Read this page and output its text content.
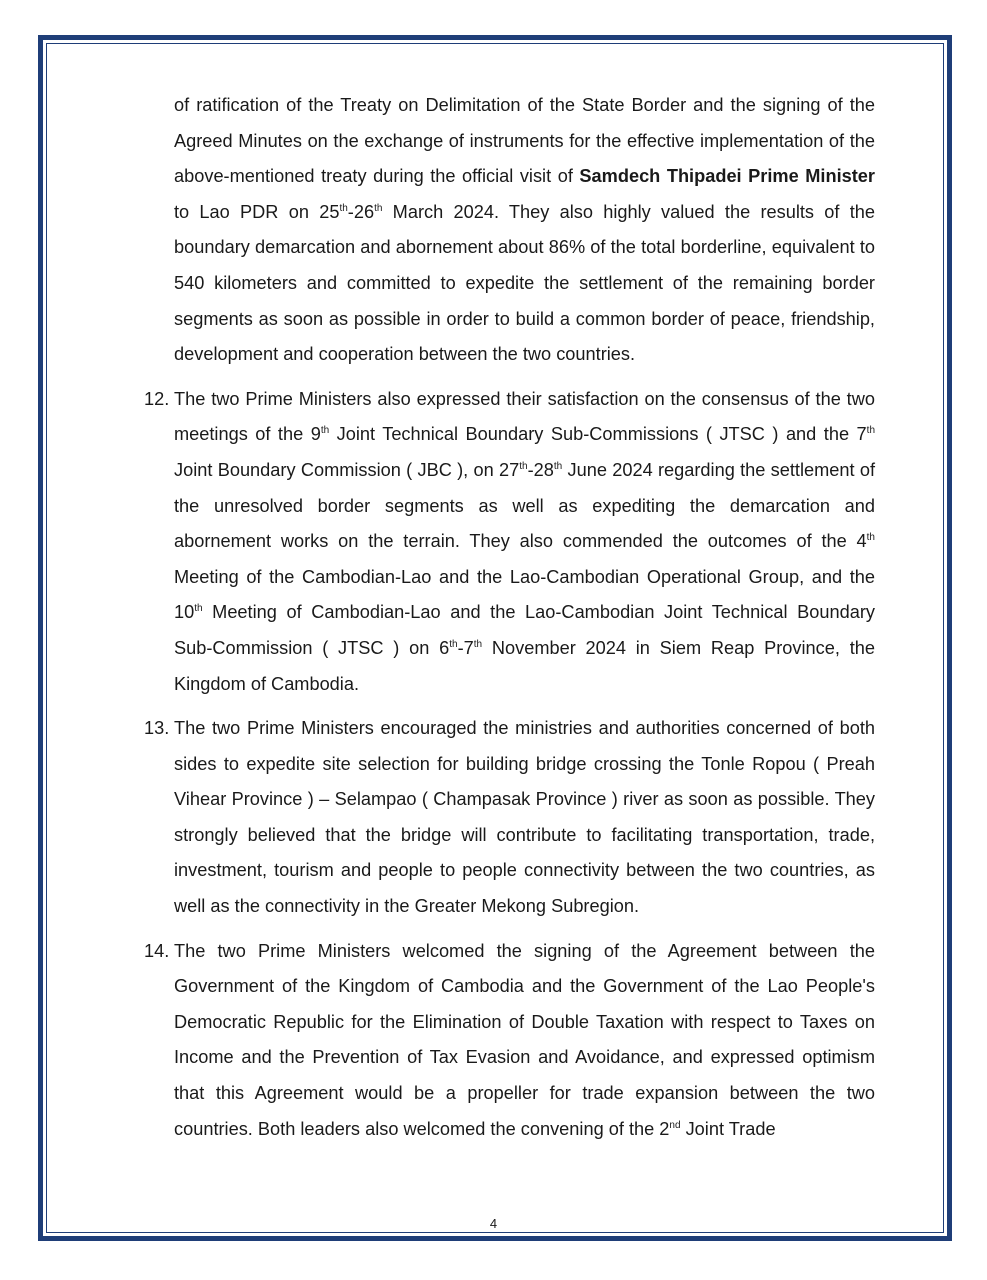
of ratification of the Treaty on Delimitation of the State Border and the signing of the Agreed Minutes on the exchange of instruments for the effective implementation of the above-mentioned treaty during the official visit of Samdech Thipadei Prime Minister to Lao PDR on 25th-26th March 2024. They also highly valued the results of the boundary demarcation and abornement about 86% of the total borderline, equivalent to 540 kilometers and committed to expedite the settlement of the remaining border segments as soon as possible in order to build a common border of peace, friendship, development and cooperation between the two countries.

12. The two Prime Ministers also expressed their satisfaction on the consensus of the two meetings of the 9th Joint Technical Boundary Sub-Commissions ( JTSC ) and the 7th Joint Boundary Commission ( JBC ), on 27th-28th June 2024 regarding the settlement of the unresolved border segments as well as expediting the demarcation and abornement works on the terrain. They also commended the outcomes of the 4th Meeting of the Cambodian-Lao and the Lao-Cambodian Operational Group, and the 10th Meeting of Cambodian-Lao and the Lao-Cambodian Joint Technical Boundary Sub-Commission ( JTSC ) on 6th-7th November 2024 in Siem Reap Province, the Kingdom of Cambodia.

13. The two Prime Ministers encouraged the ministries and authorities concerned of both sides to expedite site selection for building bridge crossing the Tonle Ropou ( Preah Vihear Province ) – Selampao ( Champasak Province ) river as soon as possible. They strongly believed that the bridge will contribute to facilitating transportation, trade, investment, tourism and people to people connectivity between the two countries, as well as the connectivity in the Greater Mekong Subregion.

14. The two Prime Ministers welcomed the signing of the Agreement between the Government of the Kingdom of Cambodia and the Government of the Lao People's Democratic Republic for the Elimination of Double Taxation with respect to Taxes on Income and the Prevention of Tax Evasion and Avoidance, and expressed optimism that this Agreement would be a propeller for trade expansion between the two countries. Both leaders also welcomed the convening of the 2nd Joint Trade

4
